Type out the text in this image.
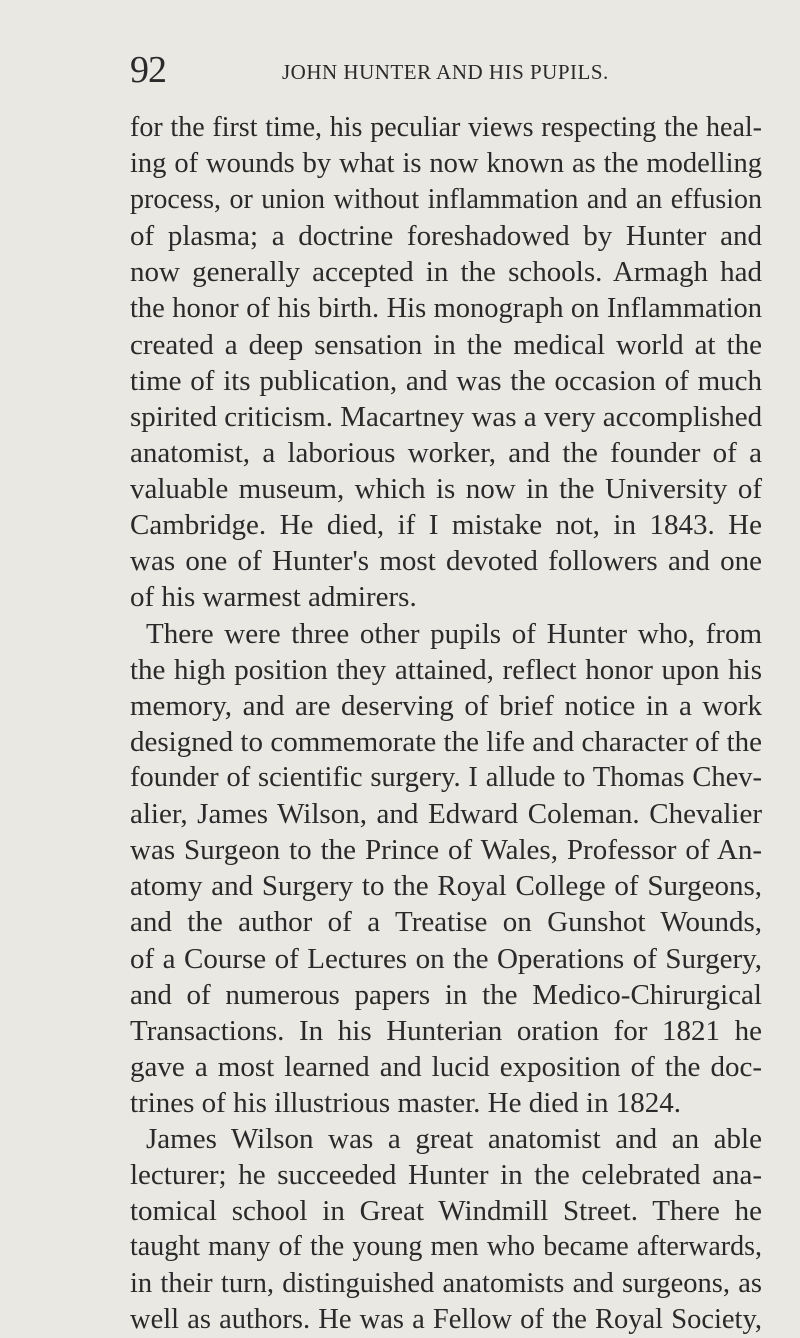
92	JOHN HUNTER AND HIS PUPILS.
for the first time, his peculiar views respecting the heal-
ing of wounds by what is now known as the modelling
process, or union without inflammation and an effusion
of plasma; a doctrine foreshadowed by Hunter and
now generally accepted in the schools. Armagh had
the honor of his birth. His monograph on Inflammation
created a deep sensation in the medical world at the
time of its publication, and was the occasion of much
spirited criticism. Macartney was a very accomplished
anatomist, a laborious worker, and the founder of a
valuable museum, which is now in the University of
Cambridge. He died, if I mistake not, in 1843. He
was one of Hunter's most devoted followers and one
of his warmest admirers.
There were three other pupils of Hunter who, from
the high position they attained, reflect honor upon his
memory, and are deserving of brief notice in a work
designed to commemorate the life and character of the
founder of scientific surgery. I allude to Thomas Chev-
alier, James Wilson, and Edward Coleman. Chevalier
was Surgeon to the Prince of Wales, Professor of An-
atomy and Surgery to the Royal College of Surgeons,
and the author of a Treatise on Gunshot Wounds,
of a Course of Lectures on the Operations of Surgery,
and of numerous papers in the Medico-Chirurgical
Transactions. In his Hunterian oration for 1821 he
gave a most learned and lucid exposition of the doc-
trines of his illustrious master. He died in 1824.
James Wilson was a great anatomist and an able
lecturer; he succeeded Hunter in the celebrated ana-
tomical school in Great Windmill Street. There he
taught many of the young men who became afterwards,
in their turn, distinguished anatomists and surgeons, as
well as authors. He was a Fellow of the Royal Society,
